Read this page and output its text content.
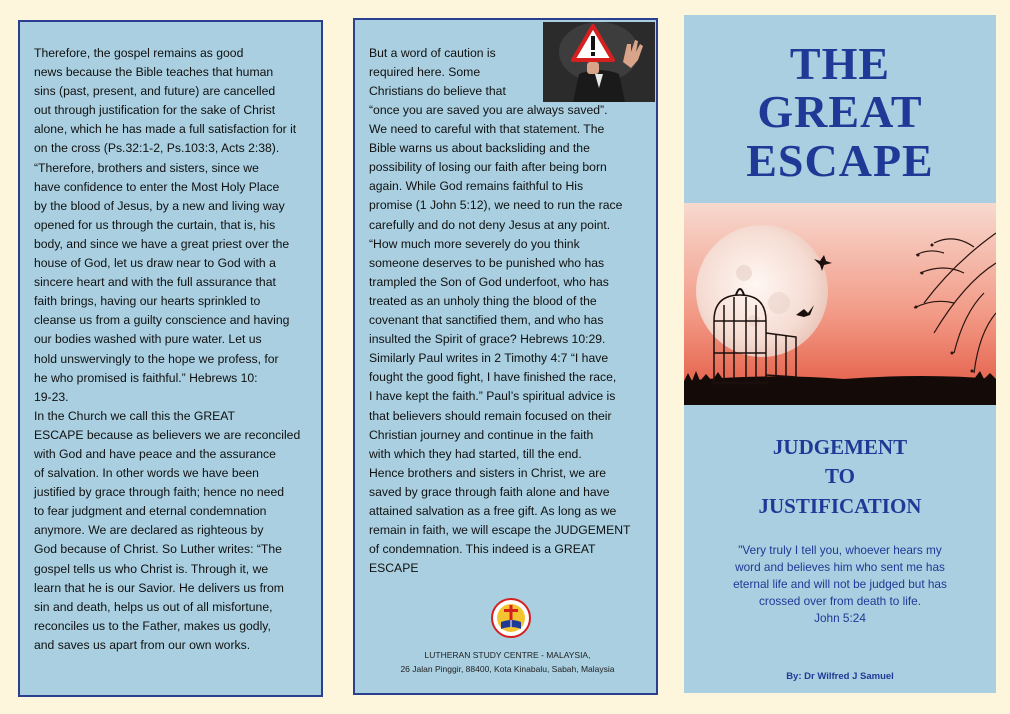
Therefore, the gospel remains as good
news because the Bible teaches that human
sins (past, present, and future) are cancelled
out through justification for the sake of Christ
alone, which he has made a full satisfaction for it
on the cross (Ps.32:1-2, Ps.103:3, Acts 2:38).
“Therefore, brothers and sisters, since we
have confidence to enter the Most Holy Place
by the blood of Jesus, by a new and living way
opened for us through the curtain, that is, his
body, and since we have a great priest over the
house of God, let us draw near to God with a
sincere heart and with the full assurance that
faith brings, having our hearts sprinkled to
cleanse us from a guilty conscience and having
our bodies washed with pure water. Let us
hold unswervingly to the hope we profess, for
he who promised is faithful.” Hebrews 10:
19-23.
In the Church we call this the GREAT
ESCAPE because as believers we are reconciled
with God and have peace and the assurance
of salvation. In other words we have been
justified by grace through faith; hence no need
to fear judgment and eternal condemnation
anymore. We are declared as righteous by
God because of Christ. So Luther writes: “The
gospel tells us who Christ is. Through it, we
learn that he is our Savior. He delivers us from
sin and death, helps us out of all misfortune,
reconciles us to the Father, makes us godly,
and saves us apart from our own works.
But a word of caution is
required here. Some
Christians do believe that
“once you are saved you are always saved”.
We need to careful with that statement. The
Bible warns us about backsliding and the
possibility of losing our faith after being born
again. While God remains faithful to His
promise (1 John 5:12), we need to run the race
carefully and do not deny Jesus at any point.
“How much more severely do you think
someone deserves to be punished who has
trampled the Son of God underfoot, who has
treated as an unholy thing the blood of the
covenant that sanctified them, and who has
insulted the Spirit of grace? Hebrews 10:29.
Similarly Paul writes in 2 Timothy 4:7 “I have
fought the good fight, I have finished the race,
I have kept the faith.” Paul’s spiritual advice is
that believers should remain focused on their
Christian journey and continue in the faith
with which they had started, till the end.
Hence brothers and sisters in Christ, we are
saved by grace through faith alone and have
attained salvation as a free gift. As long as we
remain in faith, we will escape the JUDGEMENT
of condemnation. This indeed is a GREAT
ESCAPE
LUTHERAN STUDY CENTRE - MALAYSIA,
26 Jalan Pinggir, 88400, Kota Kinabalu, Sabah, Malaysia
THE
GREAT
ESCAPE
JUDGEMENT
TO
JUSTIFICATION
"Very truly I tell you, whoever hears my word and believes him who sent me has eternal life and will not be judged but has crossed over from death to life.
John 5:24
By: Dr Wilfred J Samuel
